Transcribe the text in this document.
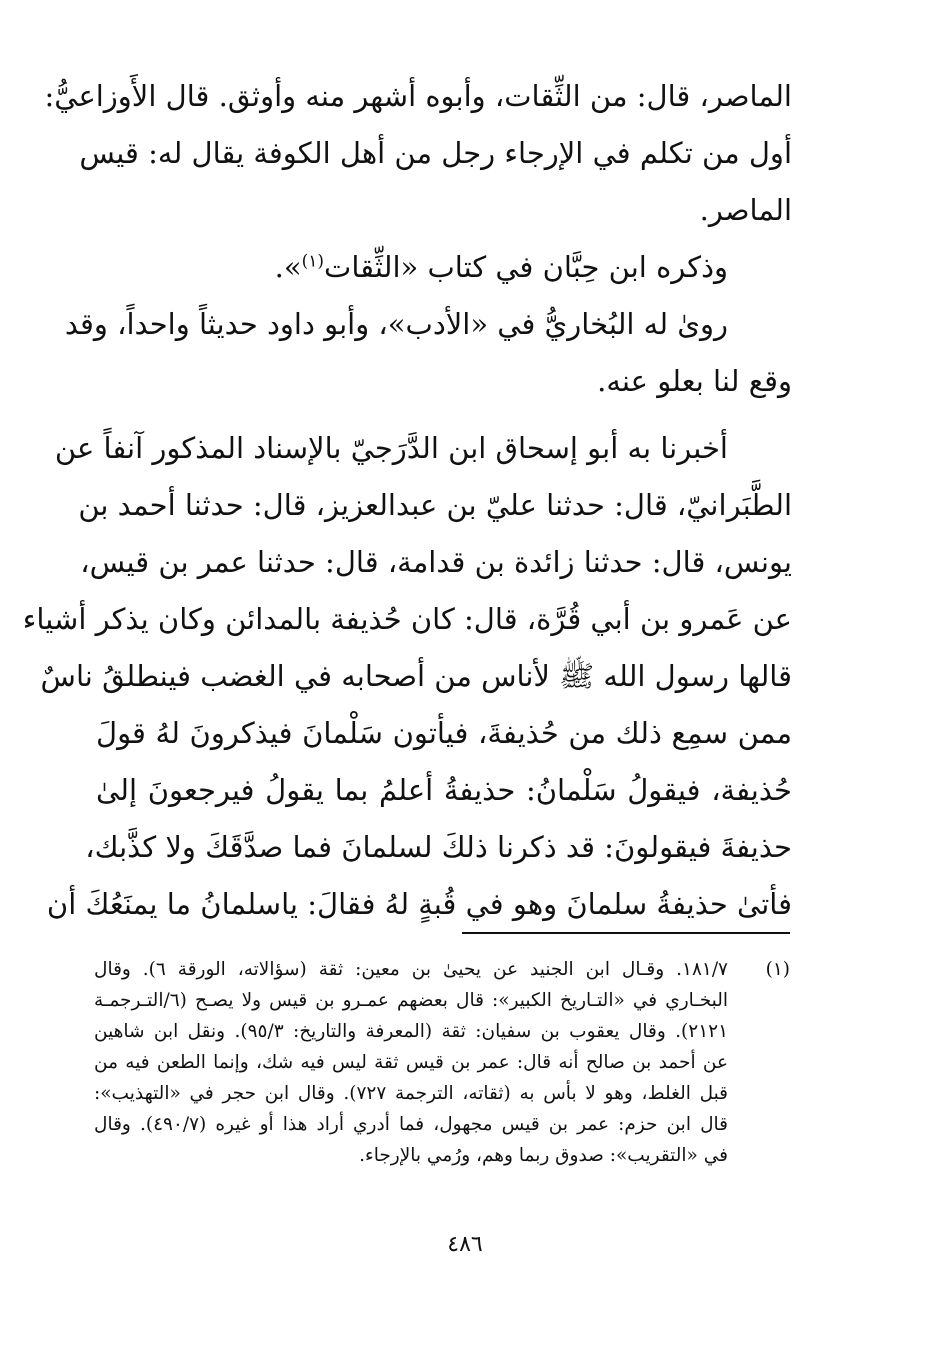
الماصر، قال: من الثِّقات، وأبوه أشهر منه وأوثق. قال الأَوزاعيُّ:
أول من تكلم في الإرجاء رجل من أهل الكوفة يقال له: قيس
الماصر.
وذكره ابن حِبَّان في كتاب «الثِّقات$^{(١)}$».
روىٰ له البُخاريُّ في «الأدب»، وأبو داود حديثاً واحداً، وقد
وقع لنا بعلو عنه.
أخبرنا به أبو إسحاق ابن الدَّرَجيّ بالإسناد المذكور آنفاً عن
الطَّبَرانيّ، قال: حدثنا عليّ بن عبدالعزيز، قال: حدثنا أحمد بن
يونس، قال: حدثنا زائدة بن قدامة، قال: حدثنا عمر بن قيس،
عن عَمرو بن أبي قُرَّة، قال: كان حُذيفة بالمدائن وكان يذكر أشياء
قالها رسول الله ﷺ لأناس من أصحابه في الغضب فينطلقُ ناسٌ
ممن سمِع ذلك من حُذيفةَ، فيأتون سَلْمانَ فيذكرونَ لهُ قولَ
حُذيفة، فيقولُ سَلْمانُ: حذيفةُ أعلمُ بما يقولُ فيرجعونَ إلىٰ
حذيفةَ فيقولونَ: قد ذكرنا ذلكَ لسلمانَ فما صدَّقَكَ ولا كذَّبك،
فأتىٰ حذيفةُ سلمانَ وهو في قُبةٍ لهُ فقالَ: ياسلمانُ ما يمنَعُكَ أن
(١)١٨١/٧. وقـال ابن الجنيد عن يحيىٰ بن معين: ثقة (سؤالاته، الورقة ٦). وقال
البخـاري في «التـاريخ الكبير»: قال بعضهم عمـرو بن قيس ولا يصـح (٦/التـرجمـة
٢١٢١). وقال يعقوب بن سفيان: ثقة (المعرفة والتاريخ: ٩٥/٣). ونقل ابن شاهين
عن أحمد بن صالح أنه قال: عمر بن قيس ثقة ليس فيه شك، وإنما الطعن فيه من
قبل الغلط، وهو لا بأس به (ثقاته، الترجمة ٧٢٧). وقال ابن حجر في «التهذيب»:
قال ابن حزم: عمر بن قيس مجهول، فما أدري أراد هذا أو غيره (٤٩٠/٧). وقال
في «التقريب»: صدوق ربما وهم، ورُمي بالإرجاء.
٤٨٦
